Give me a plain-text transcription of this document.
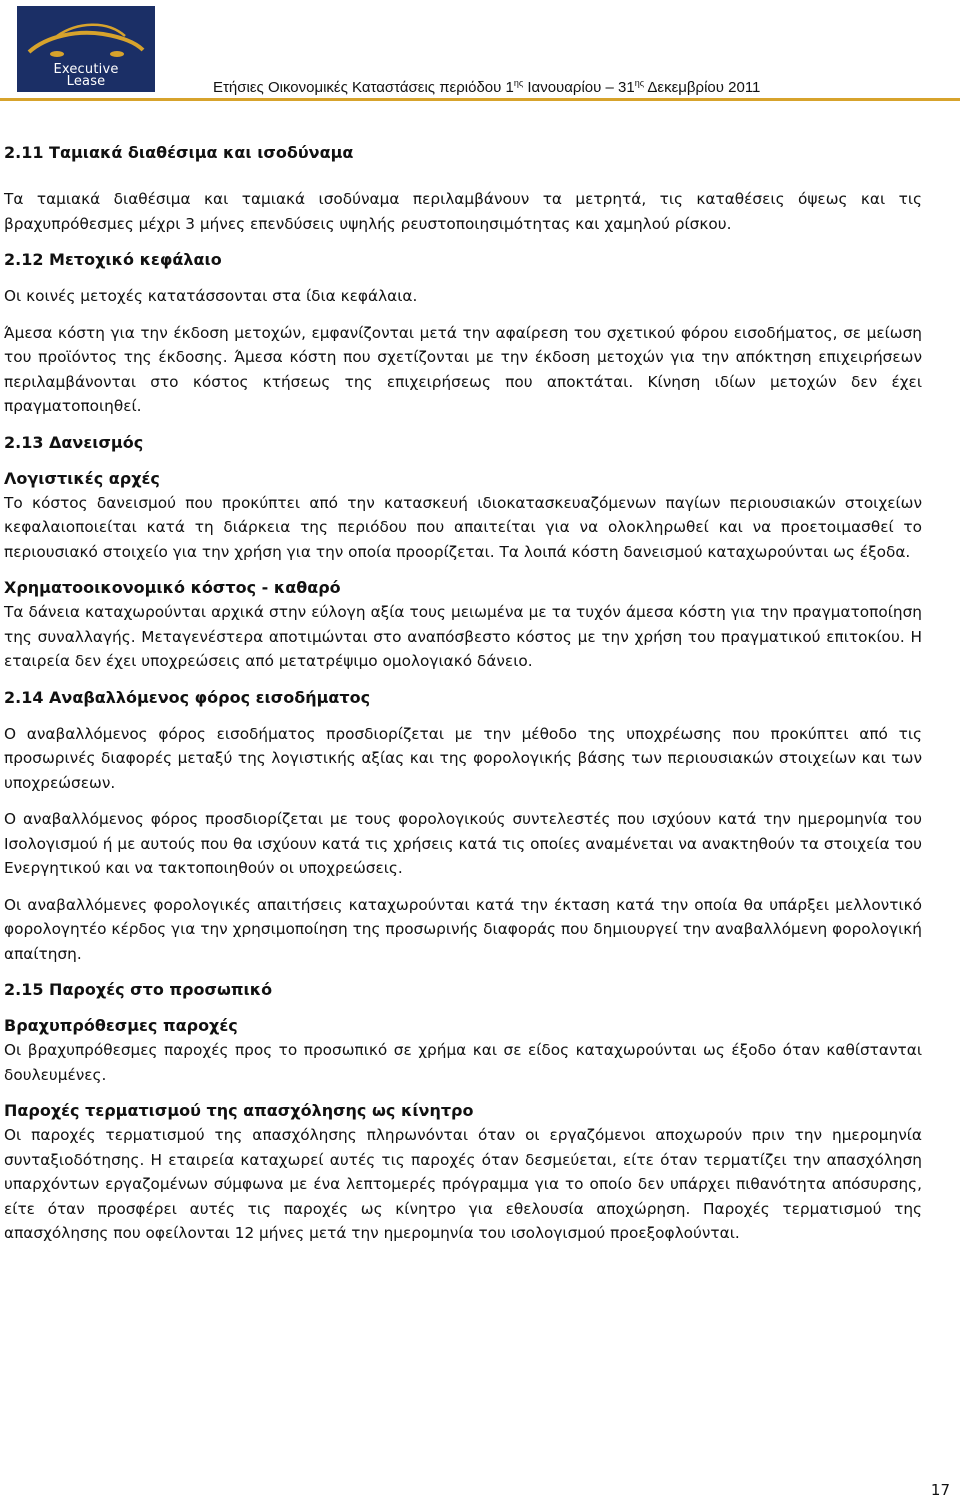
Executive
Lease	Ετήσιες Οικονομικές Καταστάσεις περιόδου $1^{\eta\varsigma}$ Ιανουαρίου – $31^{\eta\varsigma}$ Δεκεμβρίου 2011

2.11 Ταμιακά διαθέσιμα και ισοδύναμα

Τα ταμιακά διαθέσιμα και ταμιακά ισοδύναμα περιλαμβάνουν τα μετρητά, τις καταθέσεις όψεως και τις βραχυπρόθεσμες μέχρι 3 μήνες επενδύσεις υψηλής ρευστοποιησιμότητας και χαμηλού ρίσκου.

2.12 Μετοχικό κεφάλαιο

Οι κοινές μετοχές κατατάσσονται στα ίδια κεφάλαια.

Άμεσα κόστη για την έκδοση μετοχών, εμφανίζονται μετά την αφαίρεση του σχετικού φόρου εισοδήματος, σε μείωση του προϊόντος της έκδοσης. Άμεσα κόστη που σχετίζονται με την έκδοση μετοχών για την απόκτηση επιχειρήσεων περιλαμβάνονται στο κόστος κτήσεως της επιχειρήσεως που αποκτάται. Κίνηση ιδίων μετοχών δεν έχει πραγματοποιηθεί.

2.13 Δανεισμός

Λογιστικές αρχές

Το κόστος δανεισμού που προκύπτει από την κατασκευή ιδιοκατασκευαζόμενων παγίων περιουσιακών στοιχείων κεφαλαιοποιείται κατά τη διάρκεια της περιόδου που απαιτείται για να ολοκληρωθεί και να προετοιμασθεί το περιουσιακό στοιχείο για την χρήση για την οποία προορίζεται. Τα λοιπά κόστη δανεισμού καταχωρούνται ως έξοδα.

Χρηματοοικονομικό κόστος - καθαρό

Τα δάνεια καταχωρούνται αρχικά στην εύλογη αξία τους μειωμένα με τα τυχόν άμεσα κόστη για την πραγματοποίηση της συναλλαγής. Μεταγενέστερα αποτιμώνται στο αναπόσβεστο κόστος με την χρήση του πραγματικού επιτοκίου. Η εταιρεία δεν έχει υποχρεώσεις από μετατρέψιμο ομολογιακό δάνειο.

2.14 Αναβαλλόμενος φόρος εισοδήματος

Ο αναβαλλόμενος φόρος εισοδήματος προσδιορίζεται με την μέθοδο της υποχρέωσης που προκύπτει από τις προσωρινές διαφορές μεταξύ της λογιστικής αξίας και της φορολογικής βάσης των περιουσιακών στοιχείων και των υποχρεώσεων.

Ο αναβαλλόμενος φόρος προσδιορίζεται με τους φορολογικούς συντελεστές που ισχύουν κατά την ημερομηνία του Ισολογισμού ή με αυτούς που θα ισχύουν κατά τις χρήσεις κατά τις οποίες αναμένεται να ανακτηθούν τα στοιχεία του Ενεργητικού και να τακτοποιηθούν οι υποχρεώσεις.

Οι αναβαλλόμενες φορολογικές απαιτήσεις καταχωρούνται κατά την έκταση κατά την οποία θα υπάρξει μελλοντικό φορολογητέο κέρδος για την χρησιμοποίηση της προσωρινής διαφοράς που δημιουργεί την αναβαλλόμενη φορολογική απαίτηση.

2.15 Παροχές στο προσωπικό

Βραχυπρόθεσμες παροχές

Οι βραχυπρόθεσμες παροχές προς το προσωπικό σε χρήμα και σε είδος καταχωρούνται ως έξοδο όταν καθίστανται δουλευμένες.

Παροχές τερματισμού της απασχόλησης ως κίνητρο

Οι παροχές τερματισμού της απασχόλησης πληρωνόνται όταν οι εργαζόμενοι αποχωρούν πριν την ημερομηνία συνταξιοδότησης. Η εταιρεία καταχωρεί αυτές τις παροχές όταν δεσμεύεται, είτε όταν τερματίζει την απασχόληση υπαρχόντων εργαζομένων σύμφωνα με ένα λεπτομερές πρόγραμμα για το οποίο δεν υπάρχει πιθανότητα απόσυρσης, είτε όταν προσφέρει αυτές τις παροχές ως κίνητρο για εθελουσία αποχώρηση. Παροχές τερματισμού της απασχόλησης που οφείλονται 12 μήνες μετά την ημερομηνία του ισολογισμού προεξοφλούνται.

17
